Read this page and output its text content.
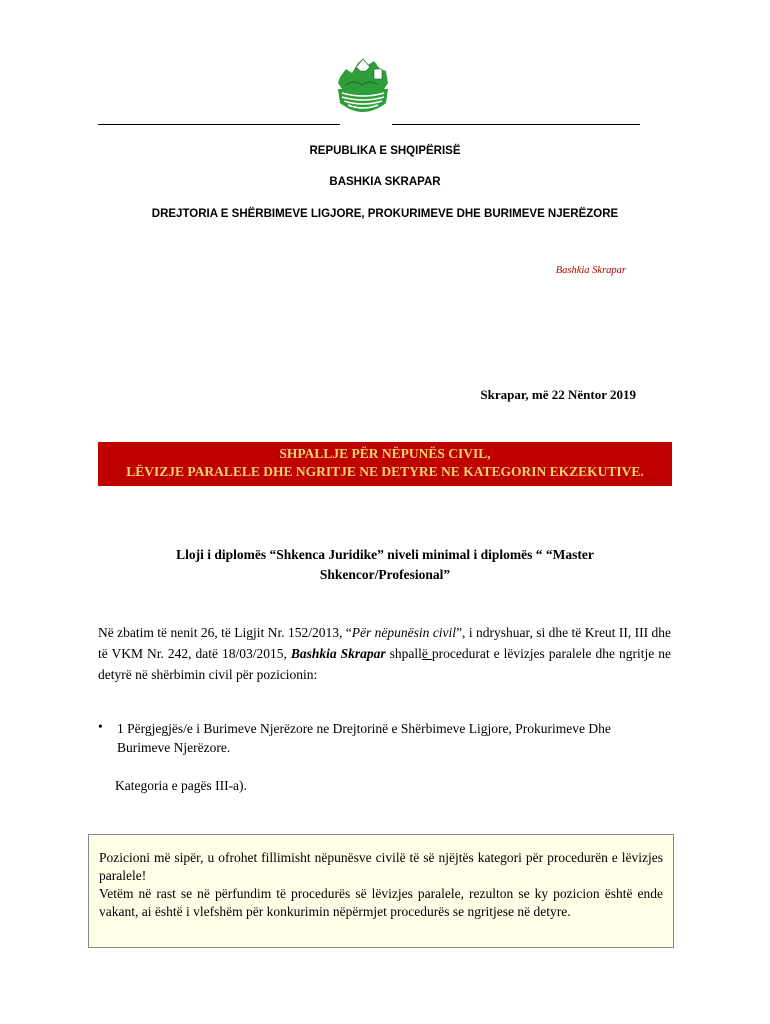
REPUBLIKA E SHQIPËRISË
BASHKIA SKRAPAR
DREJTORIA E SHËRBIMEVE LIGJORE, PROKURIMEVE DHE BURIMEVE NJERËZORE
Bashkia Skrapar
Skrapar, më 22 Nëntor 2019
SHPALLJE PËR NËPUNËS CIVIL,
LËVIZJE PARALELE DHE NGRITJE NE DETYRE NE KATEGORIN EKZEKUTIVE.
Lloji i diplomës “Shkenca Juridike” niveli minimal i diplomës “ “Master
Shkencor/Profesional”
Në zbatim të nenit 26, të Ligjit Nr. 152/2013, “Për nëpunësin civil”, i ndryshuar, si dhe të Kreut II, III dhe të VKM Nr. 242, datë 18/03/2015, Bashkia Skrapar shpallë procedurat e lëvizjes paralele dhe ngritje ne detyrë në shërbimin civil për pozicionin:
• 1 Përgjegjës/e i Burimeve Njerëzore ne Drejtorinë e Shërbimeve Ligjore, Prokurimeve Dhe Burimeve Njerëzore.
Kategoria e pagës III-a).

Pozicioni më sipër, u ofrohet fillimisht nëpunësve civilë të së njëjtës kategori për procedurën e lëvizjes paralele!

Vetëm në rast se në përfundim të procedurës së lëvizjes paralele, rezulton se ky pozicion është ende vakant, ai është i vlefshëm për konkurimin nëpërmjet procedurës se ngritjese në detyre.
